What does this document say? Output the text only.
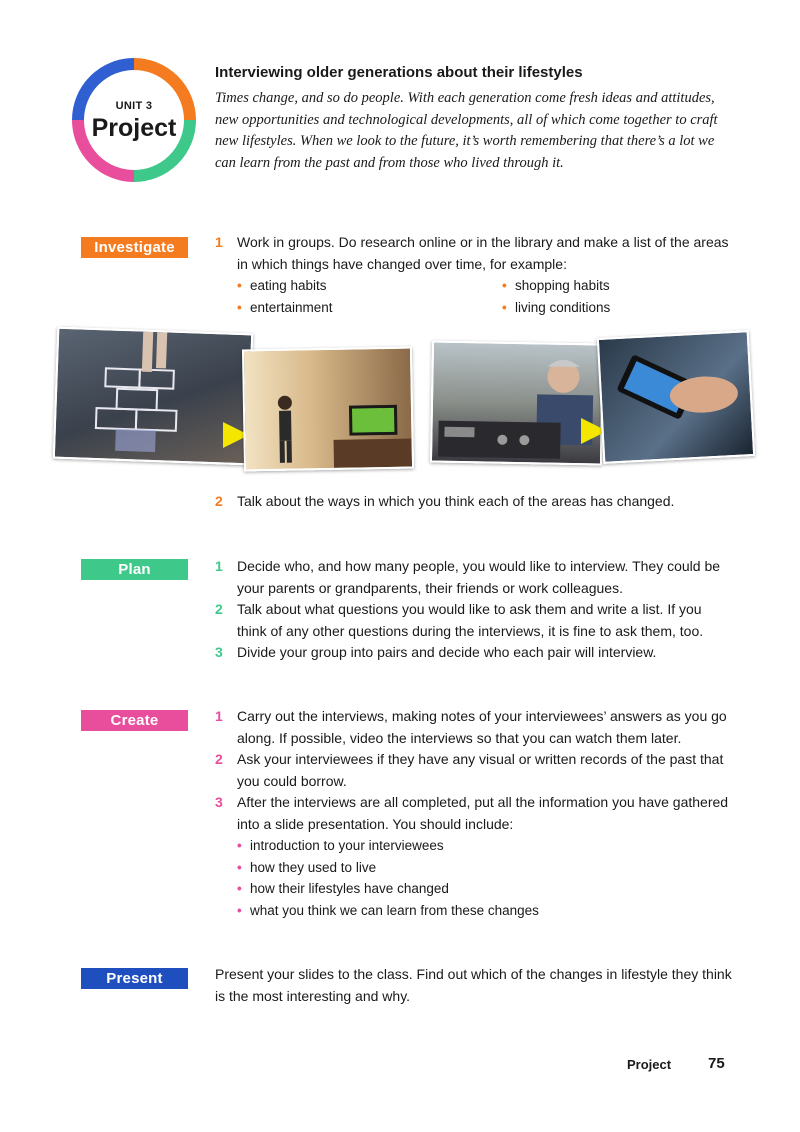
UNIT 3
Project
Interviewing older generations about their lifestyles
Times change, and so do people. With each generation come fresh ideas and attitudes, new opportunities and technological developments, all of which come together to craft new lifestyles. When we look to the future, it’s worth remembering that there’s a lot we can learn from the past and from those who lived through it.
Investigate	1 Work in groups. Do research online or in the library and make a list of the areas in which things have changed over time, for example:
• eating habits	• shopping habits
• entertainment	• living conditions
2 Talk about the ways in which you think each of the areas has changed.
Plan	1 Decide who, and how many people, you would like to interview. They could be your parents or grandparents, their friends or work colleagues.
2 Talk about what questions you would like to ask them and write a list. If you think of any other questions during the interviews, it is fine to ask them, too.
3 Divide your group into pairs and decide who each pair will interview.
Create	1 Carry out the interviews, making notes of your interviewees’ answers as you go along. If possible, video the interviews so that you can watch them later.
2 Ask your interviewees if they have any visual or written records of the past that you could borrow.
3 After the interviews are all completed, put all the information you have gathered into a slide presentation. You should include:
• introduction to your interviewees
• how they used to live
• how their lifestyles have changed
• what you think we can learn from these changes
Present	Present your slides to the class. Find out which of the changes in lifestyle they think is the most interesting and why.
Project 75
